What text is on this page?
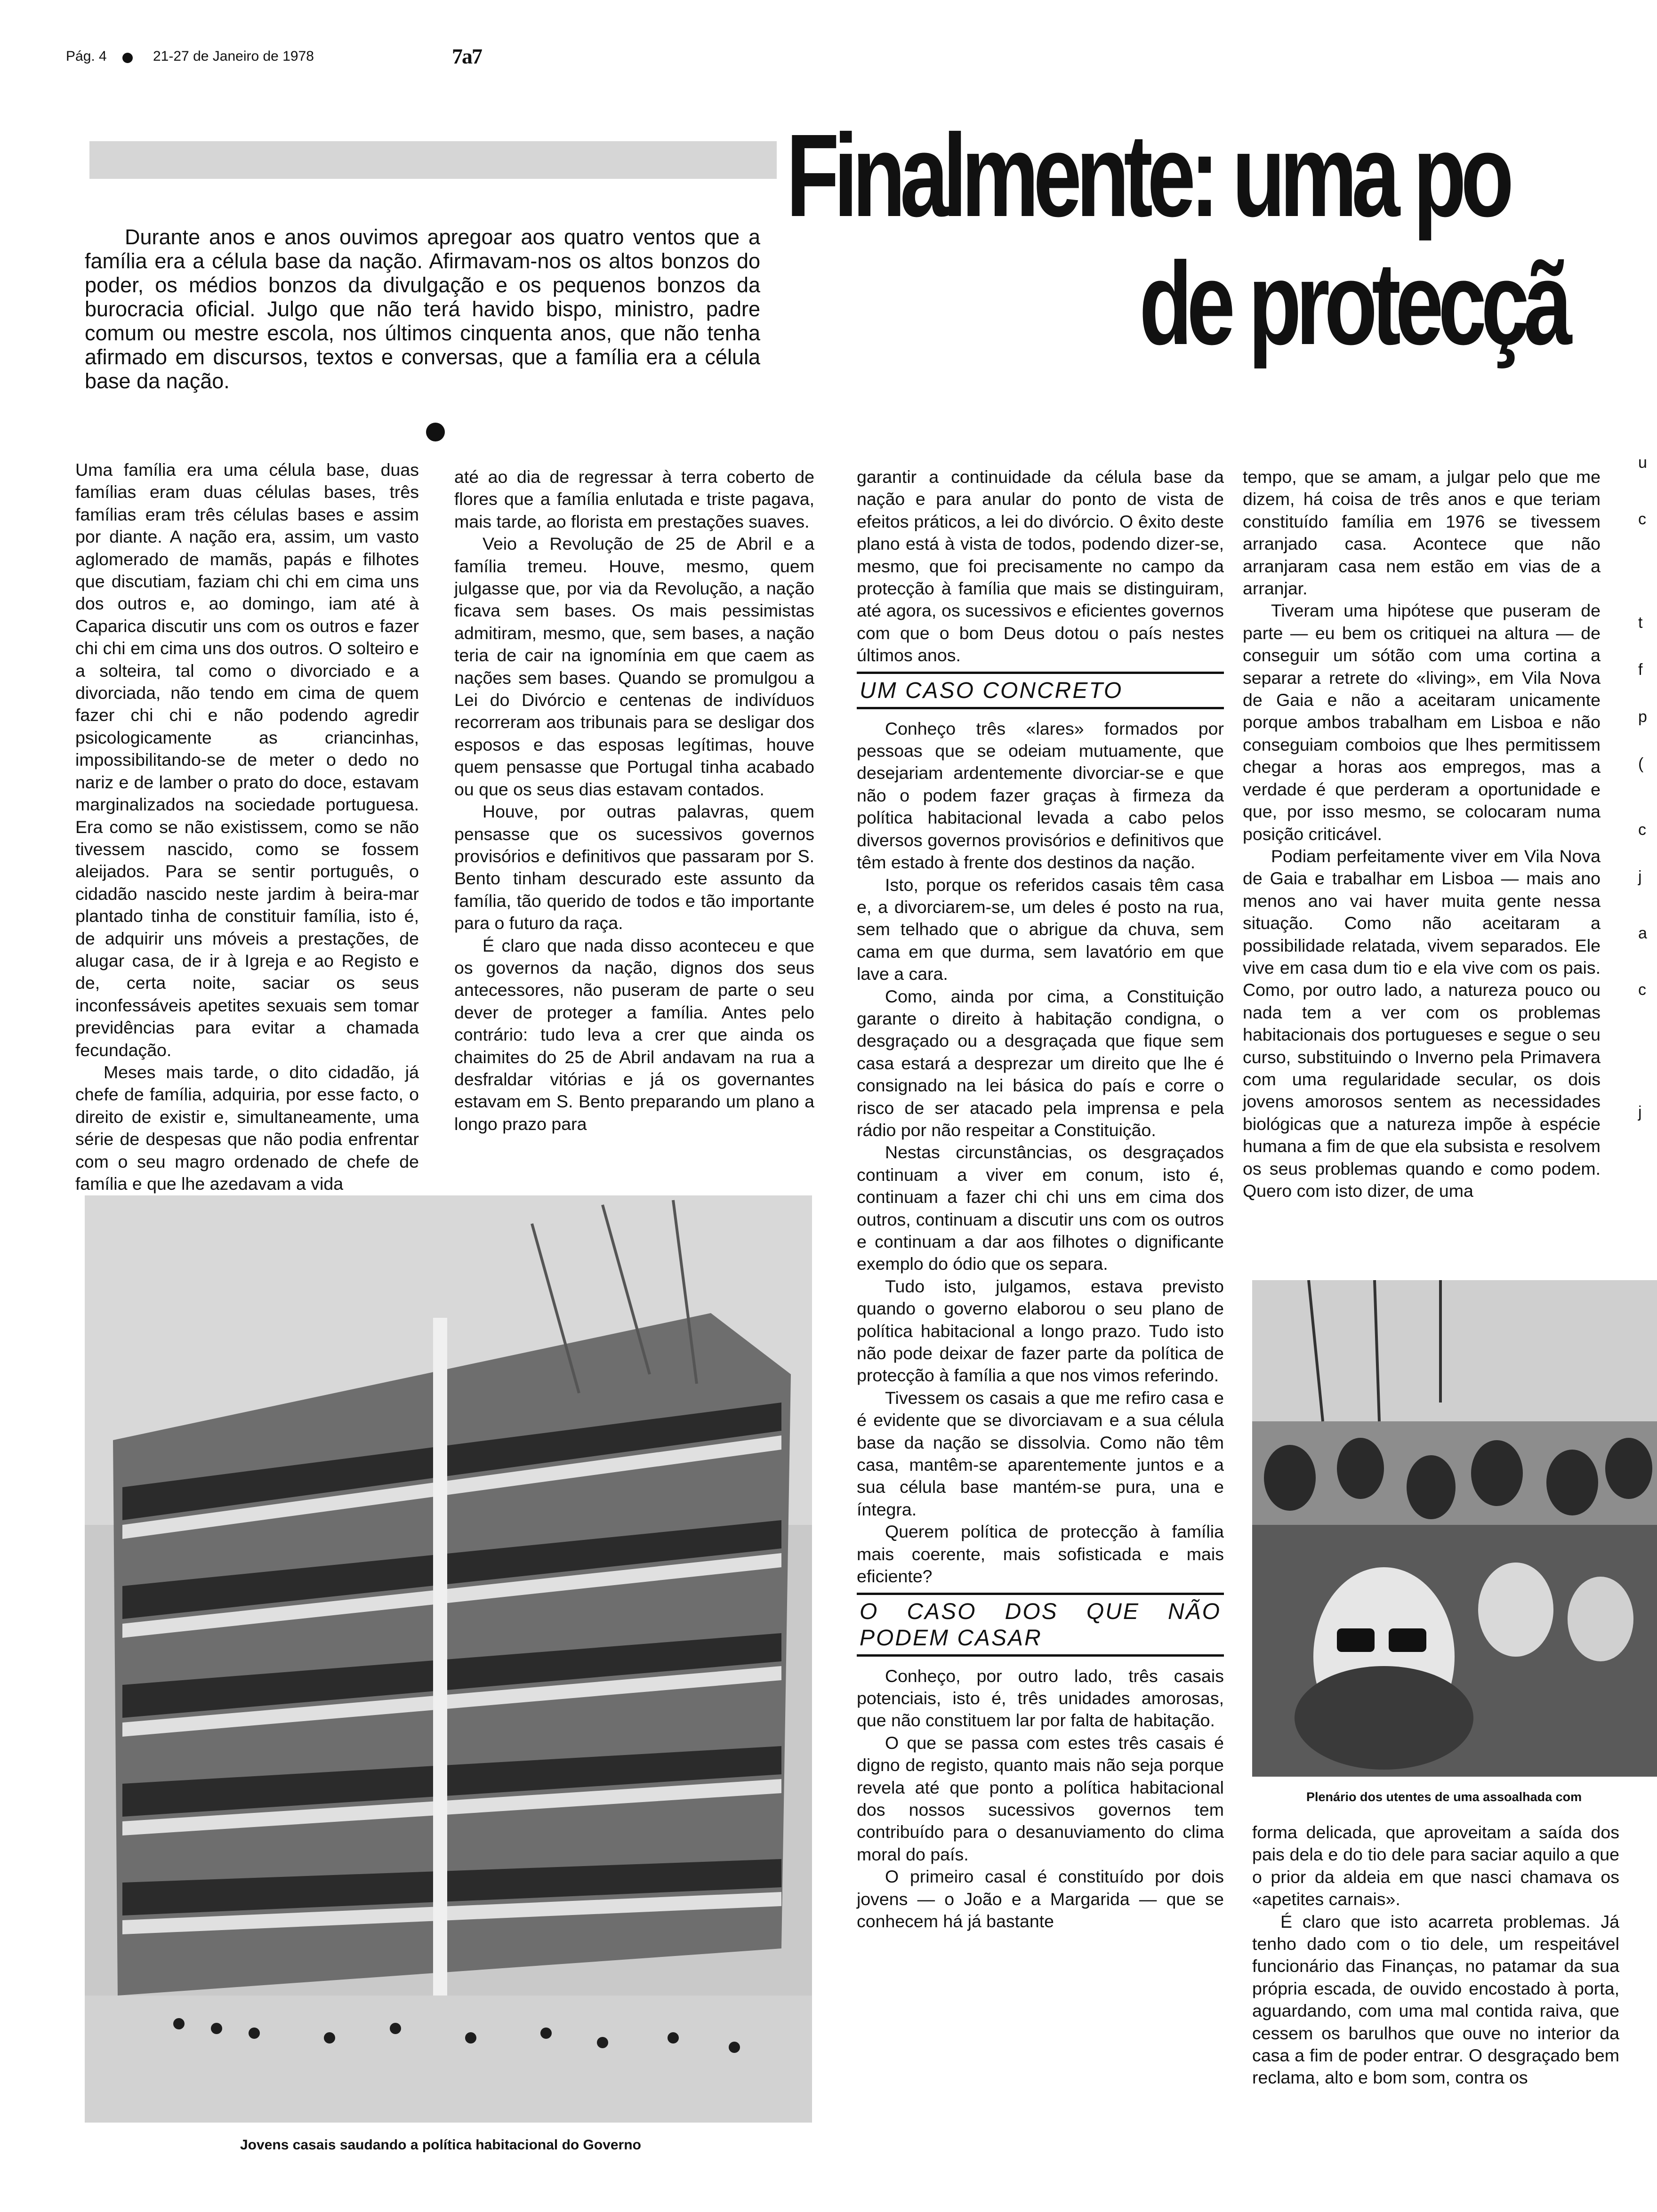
Pág. 4	21-27 de Janeiro de 1978	7a7
Finalmente: uma po
de protecçã
Durante anos e anos ouvimos apregoar aos quatro ventos que a família era a célula base da nação. Afirmavam-nos os altos bonzos do poder, os médios bonzos da divulgação e os pequenos bonzos da burocracia oficial. Julgo que não terá havido bispo, ministro, padre comum ou mestre escola, nos últimos cinquenta anos, que não tenha afirmado em discursos, textos e conversas, que a família era a célula base da nação.

Uma família era uma célula base, duas famílias eram duas células bases, três famílias eram três células bases e assim por diante. A nação era, assim, um vasto aglomerado de mamãs, papás e filhotes que discutiam, faziam chi chi em cima uns dos outros e, ao domingo, iam até à Caparica discutir uns com os outros e fazer chi chi em cima uns dos outros. O solteiro e a solteira, tal como o divorciado e a divorciada, não tendo em cima de quem fazer chi chi e não podendo agredir psicologicamente as criancinhas, impossibilitando-se de meter o dedo no nariz e de lamber o prato do doce, estavam marginalizados na sociedade portuguesa. Era como se não existissem, como se não tivessem nascido, como se fossem aleijados. Para se sentir português, o cidadão nascido neste jardim à beira-mar plantado tinha de constituir família, isto é, de adquirir uns móveis a prestações, de alugar casa, de ir à Igreja e ao Registo e de, certa noite, saciar os seus inconfessáveis apetites sexuais sem tomar previdências para evitar a chamada fecundação.

Meses mais tarde, o dito cidadão, já chefe de família, adquiria, por esse facto, o direito de existir e, simultaneamente, uma série de despesas que não podia enfrentar com o seu magro ordenado de chefe de família e que lhe azedavam a vida

até ao dia de regressar à terra coberto de flores que a família enlutada e triste pagava, mais tarde, ao florista em prestações suaves.

Veio a Revolução de 25 de Abril e a família tremeu. Houve, mesmo, quem julgasse que, por via da Revolução, a nação ficava sem bases. Os mais pessimistas admitiram, mesmo, que, sem bases, a nação teria de cair na ignomínia em que caem as nações sem bases. Quando se promulgou a Lei do Divórcio e centenas de indivíduos recorreram aos tribunais para se desligar dos esposos e das esposas legítimas, houve quem pensasse que Portugal tinha acabado ou que os seus dias estavam contados.

Houve, por outras palavras, quem pensasse que os sucessivos governos provisórios e definitivos que passaram por S. Bento tinham descurado este assunto da família, tão querido de todos e tão importante para o futuro da raça.

É claro que nada disso aconteceu e que os governos da nação, dignos dos seus antecessores, não puseram de parte o seu dever de proteger a família. Antes pelo contrário: tudo leva a crer que ainda os chaimites do 25 de Abril andavam na rua a desfraldar vitórias e já os governantes estavam em S. Bento preparando um plano a longo prazo para

garantir a continuidade da célula base da nação e para anular do ponto de vista de efeitos práticos, a lei do divórcio. O êxito deste plano está à vista de todos, podendo dizer-se, mesmo, que foi precisamente no campo da protecção à família que mais se distinguiram, até agora, os sucessivos e eficientes governos com que o bom Deus dotou o país nestes últimos anos.

UM CASO CONCRETO

Conheço três «lares» formados por pessoas que se odeiam mutuamente, que desejariam ardentemente divorciar-se e que não o podem fazer graças à firmeza da política habitacional levada a cabo pelos diversos governos provisórios e definitivos que têm estado à frente dos destinos da nação.

Isto, porque os referidos casais têm casa e, a divorciarem-se, um deles é posto na rua, sem telhado que o abrigue da chuva, sem cama em que durma, sem lavatório em que lave a cara.

Como, ainda por cima, a Constituição garante o direito à habitação condigna, o desgraçado ou a desgraçada que fique sem casa estará a desprezar um direito que lhe é consignado na lei básica do país e corre o risco de ser atacado pela imprensa e pela rádio por não respeitar a Constituição.

Nestas circunstâncias, os desgraçados continuam a viver em conum, isto é, continuam a fazer chi chi uns em cima dos outros, continuam a discutir uns com os outros e continuam a dar aos filhotes o dignificante exemplo do ódio que os separa.

Tudo isto, julgamos, estava previsto quando o governo elaborou o seu plano de política habitacional a longo prazo. Tudo isto não pode deixar de fazer parte da política de protecção à família a que nos vimos referindo.

Tivessem os casais a que me refiro casa e é evidente que se divorciavam e a sua célula base da nação se dissolvia. Como não têm casa, mantêm-se aparentemente juntos e a sua célula base mantém-se pura, una e íntegra.

Querem política de protecção à família mais coerente, mais sofisticada e mais eficiente?

O CASO DOS QUE NÃO PODEM CASAR

Conheço, por outro lado, três casais potenciais, isto é, três unidades amorosas, que não constituem lar por falta de habitação.

O que se passa com estes três casais é digno de registo, quanto mais não seja porque revela até que ponto a política habitacional dos nossos sucessivos governos tem contribuído para o desanuviamento do clima moral do país.

O primeiro casal é constituído por dois jovens — o João e a Margarida — que se conhecem há já bastante

tempo, que se amam, a julgar pelo que me dizem, há coisa de três anos e que teriam constituído família em 1976 se tivessem arranjado casa. Acontece que não arranjaram casa nem estão em vias de a arranjar.

Tiveram uma hipótese que puseram de parte — eu bem os critiquei na altura — de conseguir um sótão com uma cortina a separar a retrete do «living», em Vila Nova de Gaia e não a aceitaram unicamente porque ambos trabalham em Lisboa e não conseguiam comboios que lhes permitissem chegar a horas aos empregos, mas a verdade é que perderam a oportunidade e que, por isso mesmo, se colocaram numa posição criticável.

Podiam perfeitamente viver em Vila Nova de Gaia e trabalhar em Lisboa — mais ano menos ano vai haver muita gente nessa situação. Como não aceitaram a possibilidade relatada, vivem separados. Ele vive em casa dum tio e ela vive com os pais. Como, por outro lado, a natureza pouco ou nada tem a ver com os problemas habitacionais dos portugueses e segue o seu curso, substituindo o Inverno pela Primavera com uma regularidade secular, os dois jovens amorosos sentem as necessidades biológicas que a natureza impõe à espécie humana a fim de que ela subsista e resolvem os seus problemas quando e como podem. Quero com isto dizer, de uma

Jovens casais saudando a política habitacional do Governo
Plenário dos utentes de uma assoalhada com

forma delicada, que aproveitam a saída dos pais dela e do tio dele para saciar aquilo a que o prior da aldeia em que nasci chamava os «apetites carnais».

É claro que isto acarreta problemas. Já tenho dado com o tio dele, um respeitável funcionário das Finanças, no patamar da sua própria escada, de ouvido encostado à porta, aguardando, com uma mal contida raiva, que cessem os barulhos que ouve no interior da casa a fim de poder entrar. O desgraçado bem reclama, alto e bom som, contra os

u
c
t
f
p
(
c
j
a
c
j
